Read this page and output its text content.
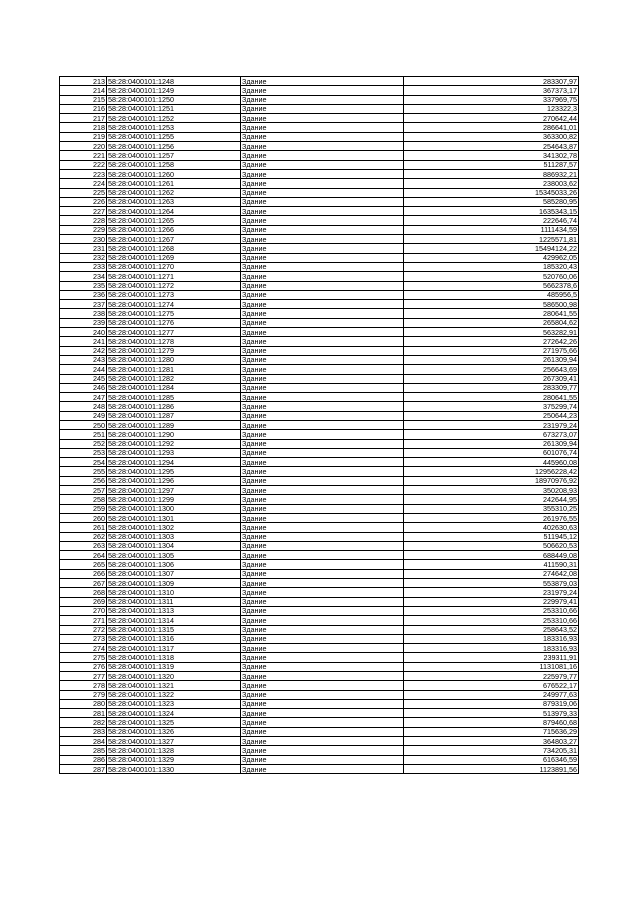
213	58:28:0400101:1248	Здание	283307,97
214	58:28:0400101:1249	Здание	367373,17
215	58:28:0400101:1250	Здание	337969,75
216	58:28:0400101:1251	Здание	123322,3
217	58:28:0400101:1252	Здание	270642,44
218	58:28:0400101:1253	Здание	286641,01
219	58:28:0400101:1255	Здание	363300,82
220	58:28:0400101:1256	Здание	254643,87
221	58:28:0400101:1257	Здание	341302,78
222	58:28:0400101:1258	Здание	511287,57
223	58:28:0400101:1260	Здание	886932,21
224	58:28:0400101:1261	Здание	238003,62
225	58:28:0400101:1262	Здание	15345033,26
226	58:28:0400101:1263	Здание	585280,95
227	58:28:0400101:1264	Здание	1635343,15
228	58:28:0400101:1265	Здание	222646,74
229	58:28:0400101:1266	Здание	1111434,59
230	58:28:0400101:1267	Здание	1225571,81
231	58:28:0400101:1268	Здание	15494124,22
232	58:28:0400101:1269	Здание	429962,05
233	58:28:0400101:1270	Здание	185320,43
234	58:28:0400101:1271	Здание	520760,06
235	58:28:0400101:1272	Здание	5662378,6
236	58:28:0400101:1273	Здание	485956,5
237	58:28:0400101:1274	Здание	586500,98
238	58:28:0400101:1275	Здание	280641,55
239	58:28:0400101:1276	Здание	265804,62
240	58:28:0400101:1277	Здание	563282,91
241	58:28:0400101:1278	Здание	272642,26
242	58:28:0400101:1279	Здание	271975,66
243	58:28:0400101:1280	Здание	261309,94
244	58:28:0400101:1281	Здание	256643,69
245	58:28:0400101:1282	Здание	267309,41
246	58:28:0400101:1284	Здание	283309,77
247	58:28:0400101:1285	Здание	280641,55
248	58:28:0400101:1286	Здание	375299,74
249	58:28:0400101:1287	Здание	250644,23
250	58:28:0400101:1289	Здание	231979,24
251	58:28:0400101:1290	Здание	673273,07
252	58:28:0400101:1292	Здание	261309,94
253	58:28:0400101:1293	Здание	601076,74
254	58:28:0400101:1294	Здание	445960,08
255	58:28:0400101:1295	Здание	12956228,42
256	58:28:0400101:1296	Здание	18970976,92
257	58:28:0400101:1297	Здание	350208,93
258	58:28:0400101:1299	Здание	242644,95
259	58:28:0400101:1300	Здание	355310,25
260	58:28:0400101:1301	Здание	261976,55
261	58:28:0400101:1302	Здание	402630,63
262	58:28:0400101:1303	Здание	511945,12
263	58:28:0400101:1304	Здание	506620,53
264	58:28:0400101:1305	Здание	688449,08
265	58:28:0400101:1306	Здание	411590,31
266	58:28:0400101:1307	Здание	274642,08
267	58:28:0400101:1309	Здание	553879,03
268	58:28:0400101:1310	Здание	231979,24
269	58:28:0400101:1311	Здание	229979,41
270	58:28:0400101:1313	Здание	253310,66
271	58:28:0400101:1314	Здание	253310,66
272	58:28:0400101:1315	Здание	258643,52
273	58:28:0400101:1316	Здание	183316,93
274	58:28:0400101:1317	Здание	183316,93
275	58:28:0400101:1318	Здание	239311,91
276	58:28:0400101:1319	Здание	1131081,16
277	58:28:0400101:1320	Здание	225979,77
278	58:28:0400101:1321	Здание	676522,17
279	58:28:0400101:1322	Здание	249977,63
280	58:28:0400101:1323	Здание	879319,06
281	58:28:0400101:1324	Здание	513979,33
282	58:28:0400101:1325	Здание	879460,68
283	58:28:0400101:1326	Здание	715636,29
284	58:28:0400101:1327	Здание	364803,27
285	58:28:0400101:1328	Здание	734205,31
286	58:28:0400101:1329	Здание	616346,59
287	58:28:0400101:1330	Здание	1123891,56
